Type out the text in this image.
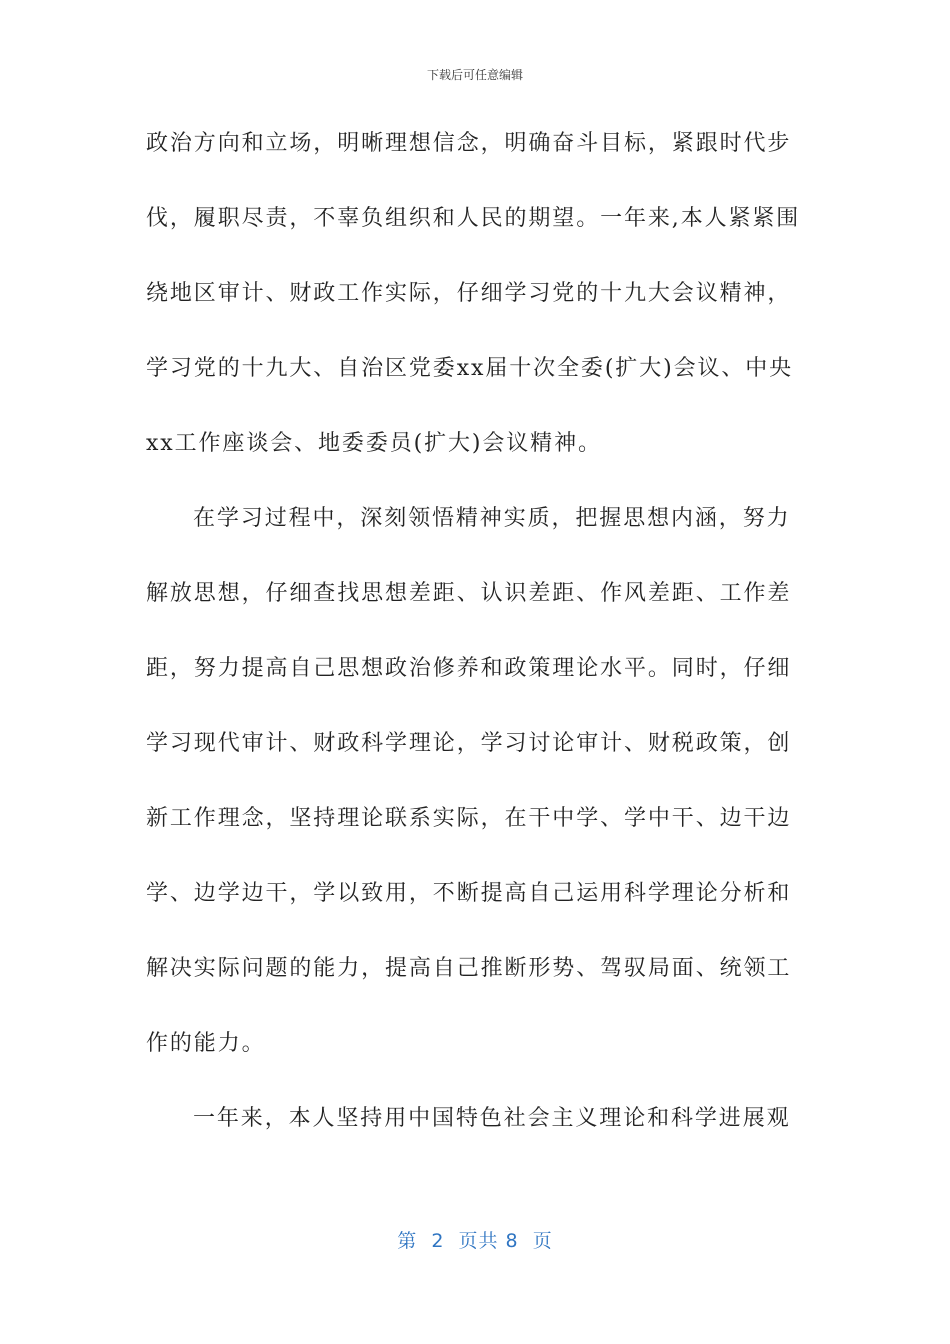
下载后可任意编辑
政治方向和立场，明晰理想信念，明确奋斗目标，紧跟时代步
伐，履职尽责，不辜负组织和人民的期望。一年来,本人紧紧围
绕地区审计、财政工作实际，仔细学习党的十九大会议精神，
学习党的十九大、自治区党委xx届十次全委(扩大)会议、中央
xx工作座谈会、地委委员(扩大)会议精神。
在学习过程中，深刻领悟精神实质，把握思想内涵，努力
解放思想，仔细查找思想差距、认识差距、作风差距、工作差
距，努力提高自己思想政治修养和政策理论水平。同时，仔细
学习现代审计、财政科学理论，学习讨论审计、财税政策，创
新工作理念，坚持理论联系实际，在干中学、学中干、边干边
学、边学边干，学以致用，不断提高自己运用科学理论分析和
解决实际问题的能力，提高自己推断形势、驾驭局面、统领工
作的能力。
一年来，本人坚持用中国特色社会主义理论和科学进展观
第  2  页共 8  页
